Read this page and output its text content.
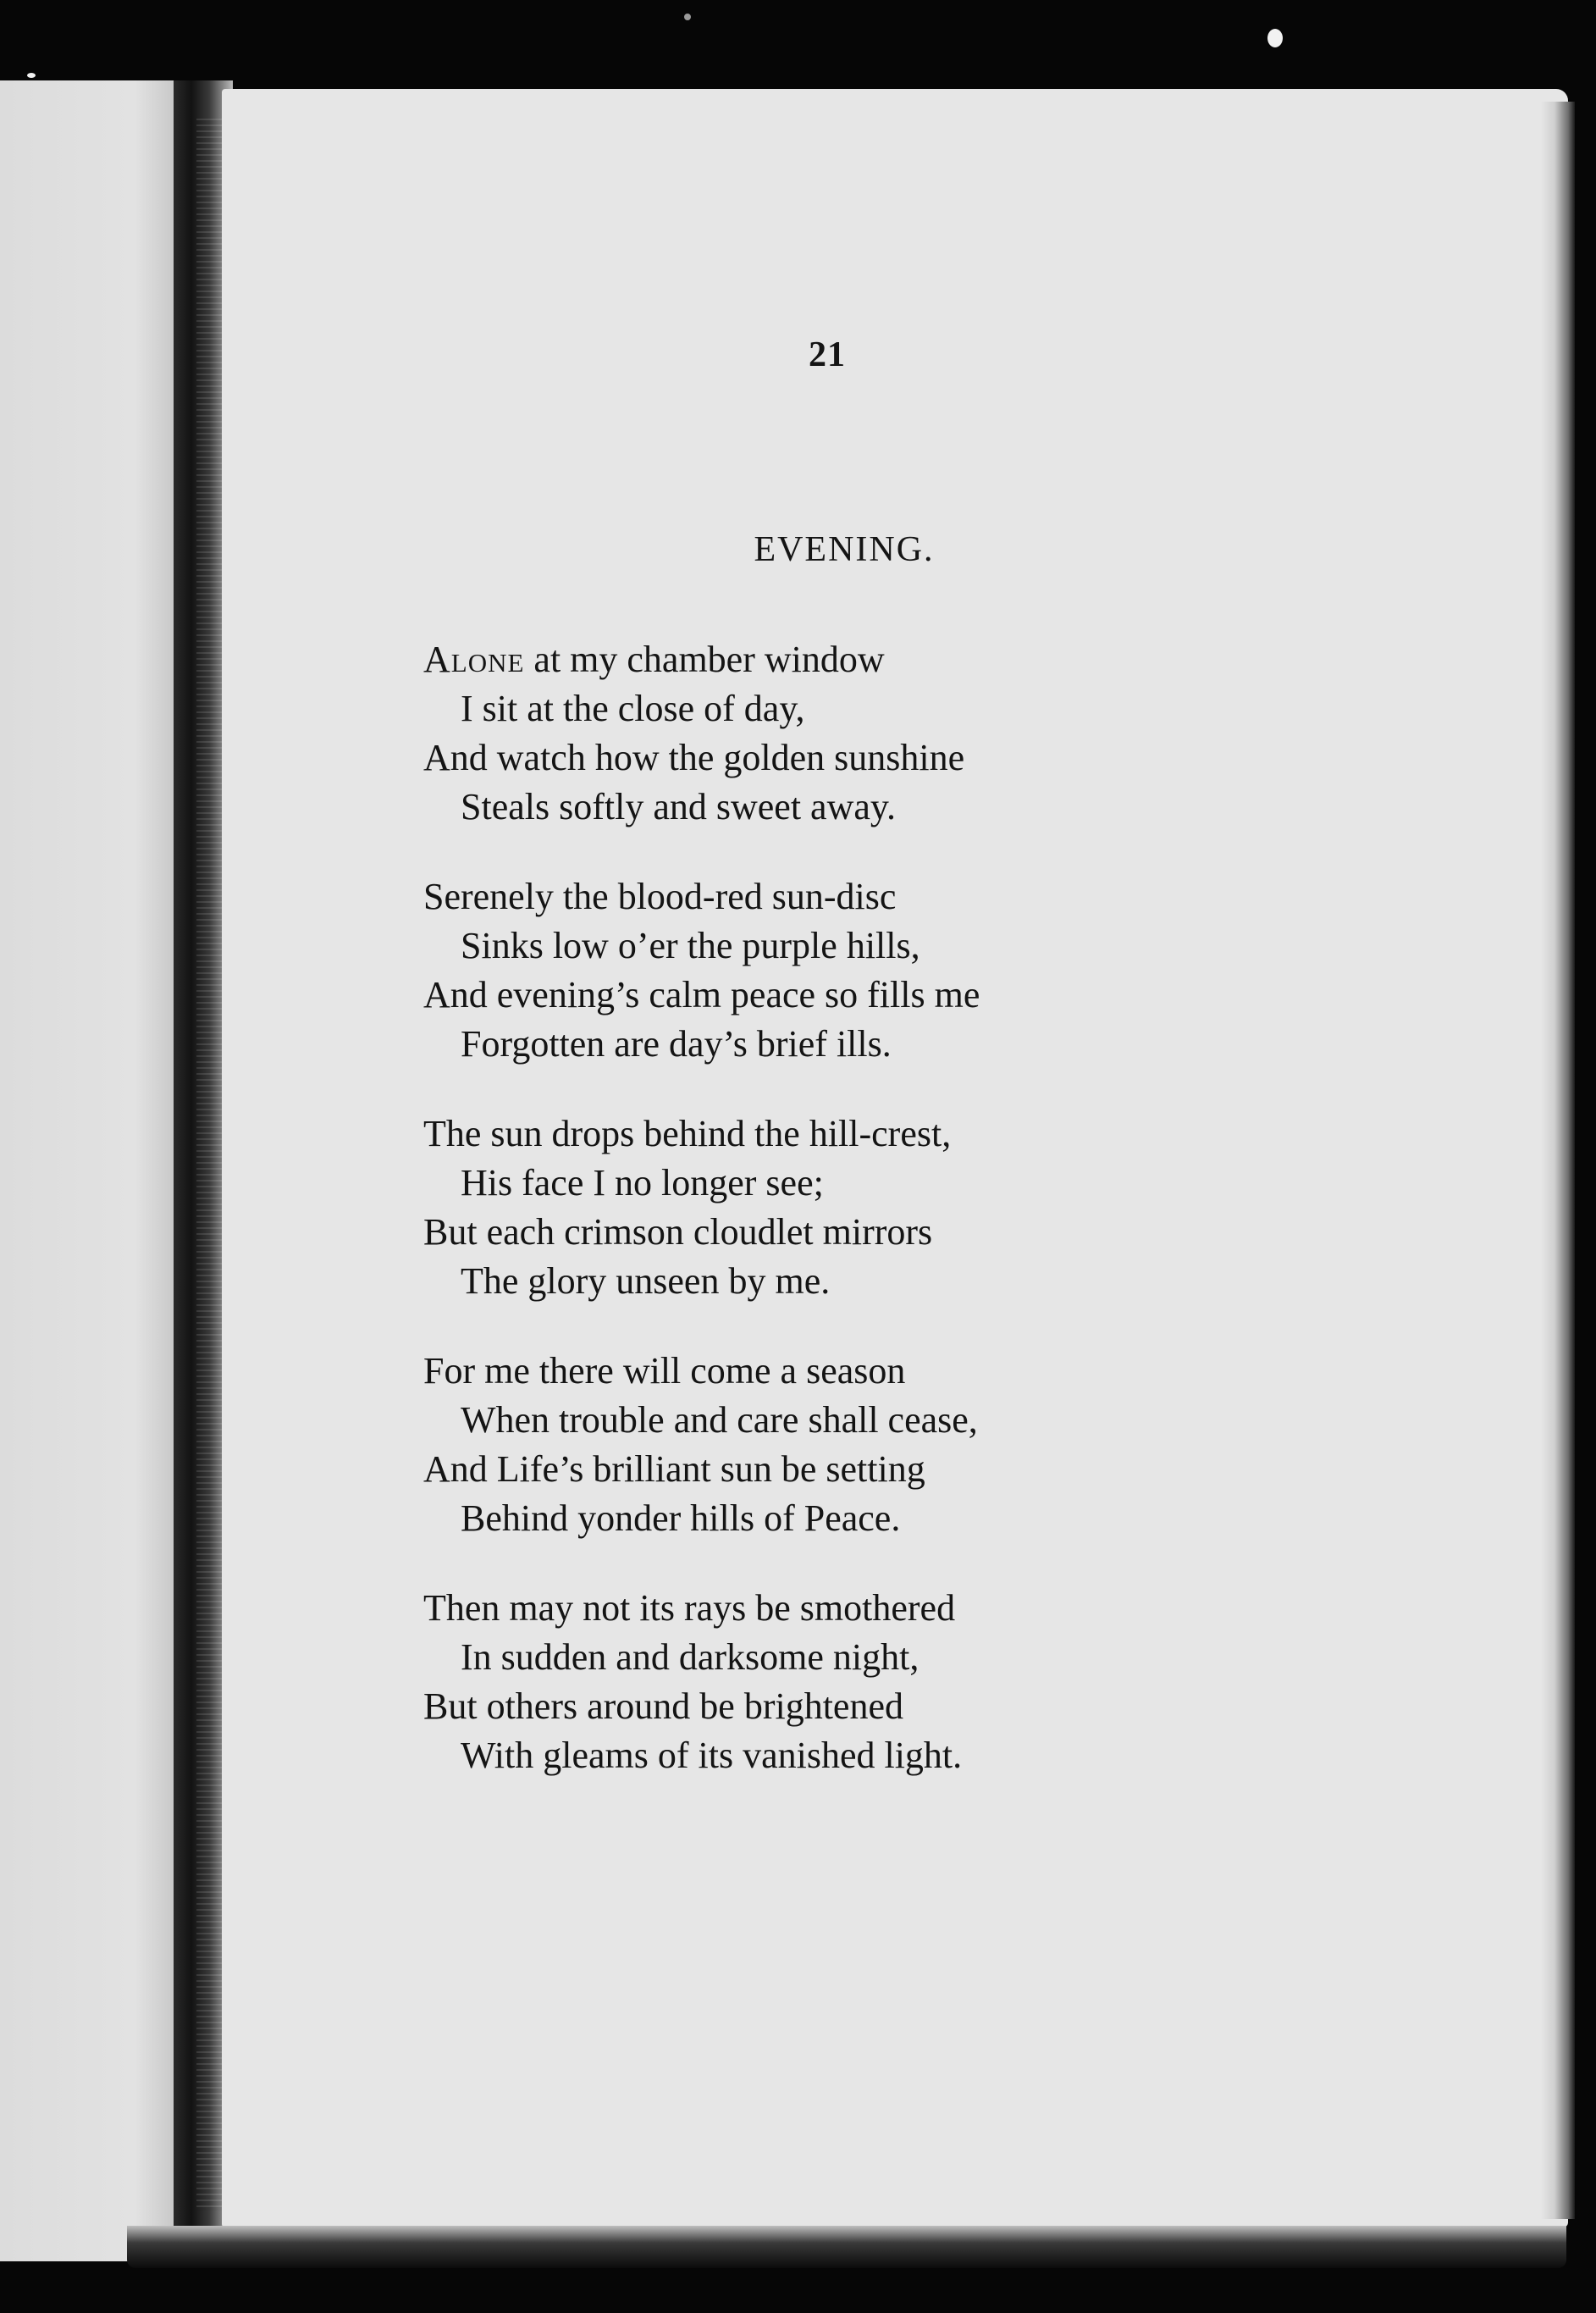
21
EVENING.
Alone at my chamber window
I sit at the close of day,
And watch how the golden sunshine
Steals softly and sweet away.
Serenely the blood-red sun-disc
Sinks low o’er the purple hills,
And evening’s calm peace so fills me
Forgotten are day’s brief ills.
The sun drops behind the hill-crest,
His face I no longer see;
But each crimson cloudlet mirrors
The glory unseen by me.
For me there will come a season
When trouble and care shall cease,
And Life’s brilliant sun be setting
Behind yonder hills of Peace.
Then may not its rays be smothered
In sudden and darksome night,
But others around be brightened
With gleams of its vanished light.
